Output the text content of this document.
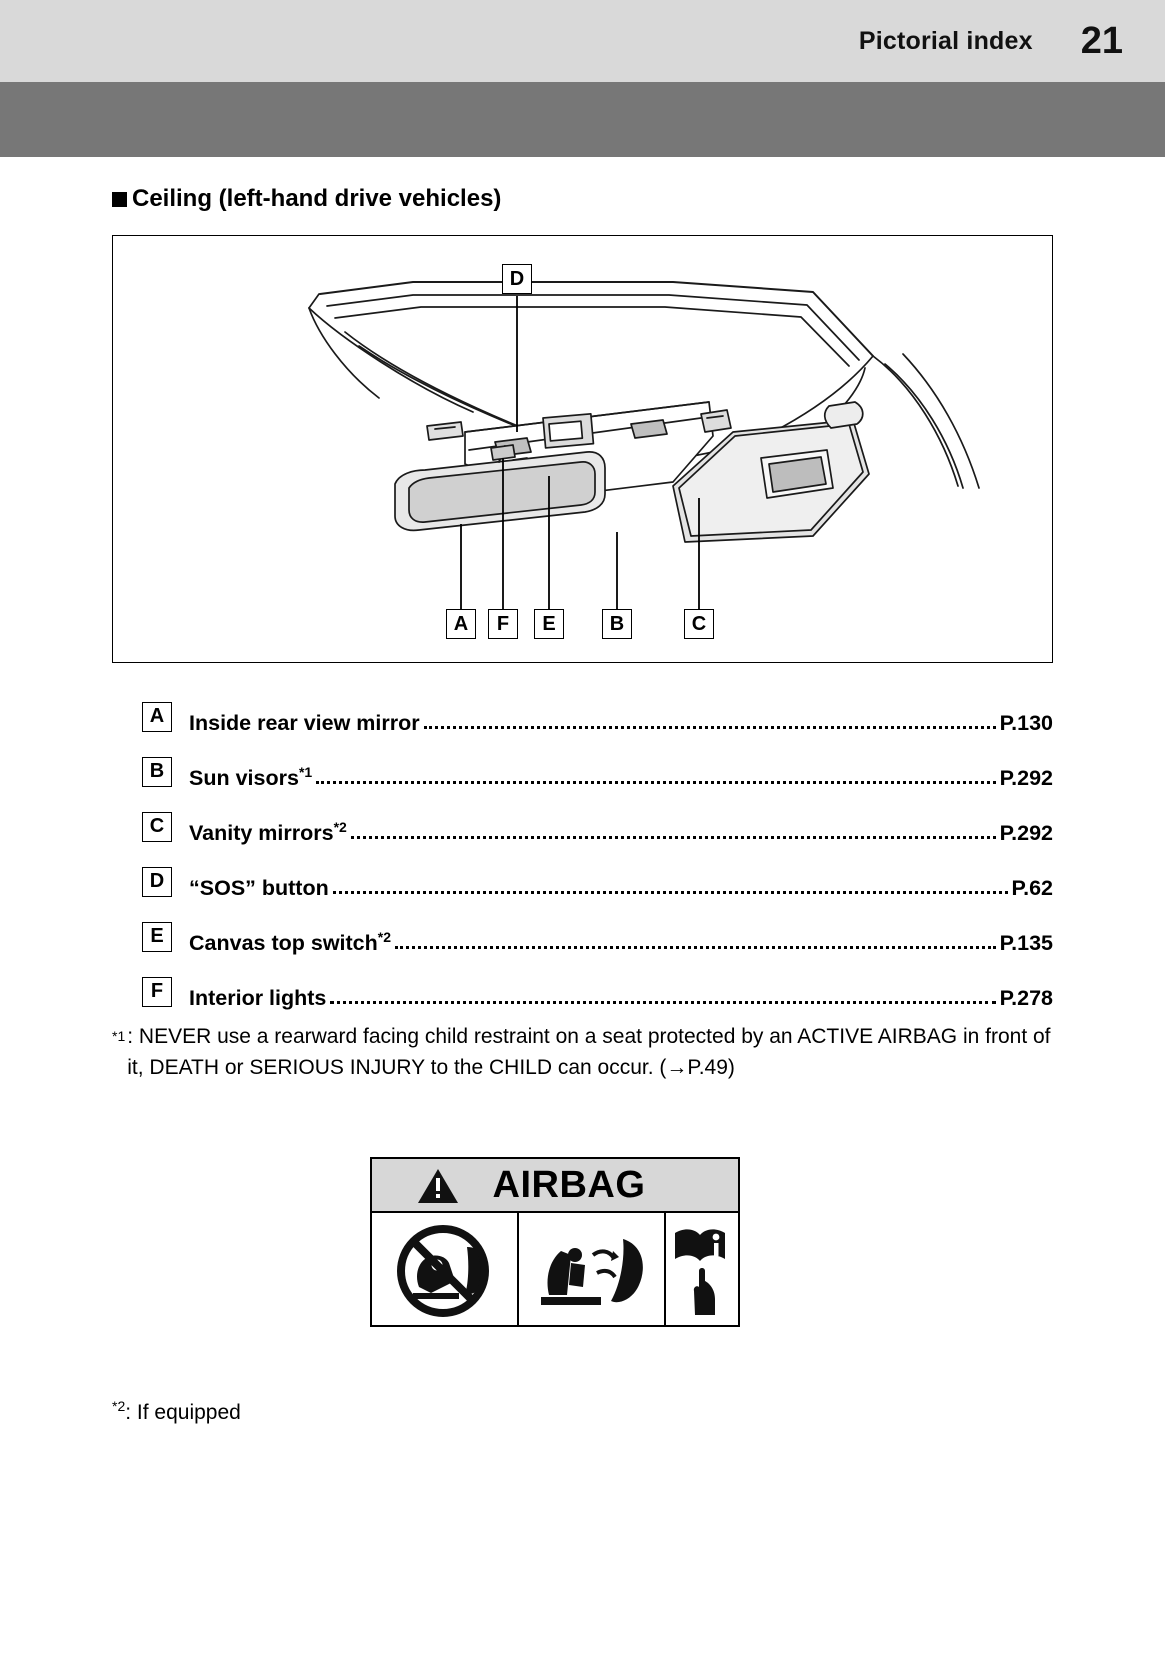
Pictorial index 21
Ceiling (left-hand drive vehicles)
D
A	F	E	B	C
A	Inside rear view mirror	P.130
B	Sun visors$^{*1}$	P.292
C	Vanity mirrors$^{*2}$	P.292
D	“SOS” button	P.62
E	Canvas top switch$^{*2}$	P.135
F	Interior lights	P.278
$^{*1}$ : NEVER use a rearward facing child restraint on a seat protected by an ACTIVE AIRBAG in front of it, DEATH or SERIOUS INJURY to the CHILD can occur. (→P.49)
AIRBAG
$^{*2}$: If equipped
